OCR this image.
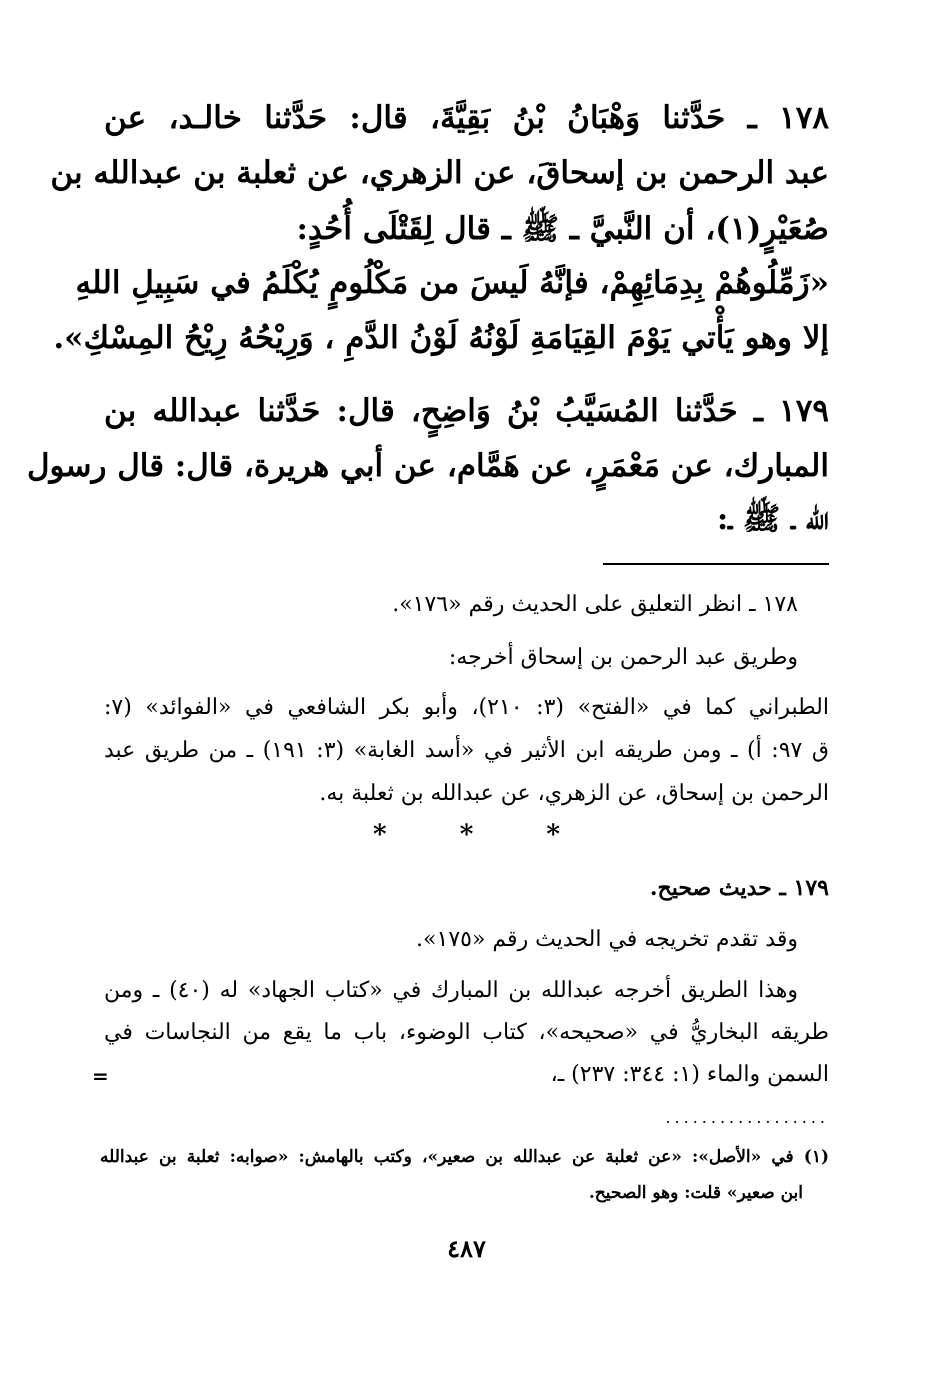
١٧٨ ـ حَدَّثنا وَهْبَانُ بْنُ بَقِيَّةَ، قال: حَدَّثنا خالـد، عن
عبد الرحمن بن إسحاقَ، عن الزهري، عن ثعلبة بن عبدالله بن
صُعَيْرٍ(١)، أن النَّبيَّ ـ ﷺ ـ قال لِقَتْلَى أُحُدٍ:
«زَمِّلُوهُمْ بِدِمَائِهِمْ، فإنَّهُ لَيسَ من مَكْلُومٍ يُكْلَمُ في سَبِيلِ اللهِ
إلا وهو يَأْتي يَوْمَ القِيَامَةِ لَوْنُهُ لَوْنُ الدَّمِ ، وَرِيْحُهُ رِيْحُ المِسْكِ».
١٧٩ ـ حَدَّثنا المُسَيَّبُ بْنُ وَاضِحٍ، قال: حَدَّثنا عبدالله بن
المبارك، عن مَعْمَرٍ، عن هَمَّام، عن أبي هريرة، قال: قال رسول
الله ـ ﷺ ـ:
١٧٨ ـ انظر التعليق على الحديث رقم «١٧٦».
وطريق عبد الرحمن بن إسحاق أخرجه:
الطبراني كما في «الفتح» (٣: ٢١٠)، وأبو بكر الشافعي في «الفوائد» (٧:
ق ٩٧: أ) ـ ومن طريقه ابن الأثير في «أسد الغابة» (٣: ١٩١) ـ من طريق عبد
الرحمن بن إسحاق، عن الزهري، عن عبدالله بن ثعلبة به.
*	*	*
١٧٩ ـ حديث صحيح.
وقد تقدم تخريجه في الحديث رقم «١٧٥».
وهذا الطريق أخرجه عبدالله بن المبارك في «كتاب الجهاد» له (٤٠) ـ ومن
طريقه البخاريُّ في «صحيحه»، كتاب الوضوء، باب ما يقع من النجاسات في
السمن والماء (١: ٣٤٤: ٢٣٧) ـ،
=
..................
(١) في «الأصل»: «عن ثعلبة عن عبدالله بن صعير»، وكتب بالهامش: «صوابه: ثعلبة بن عبدالله
ابن صعير» قلت: وهو الصحيح.
٤٨٧
